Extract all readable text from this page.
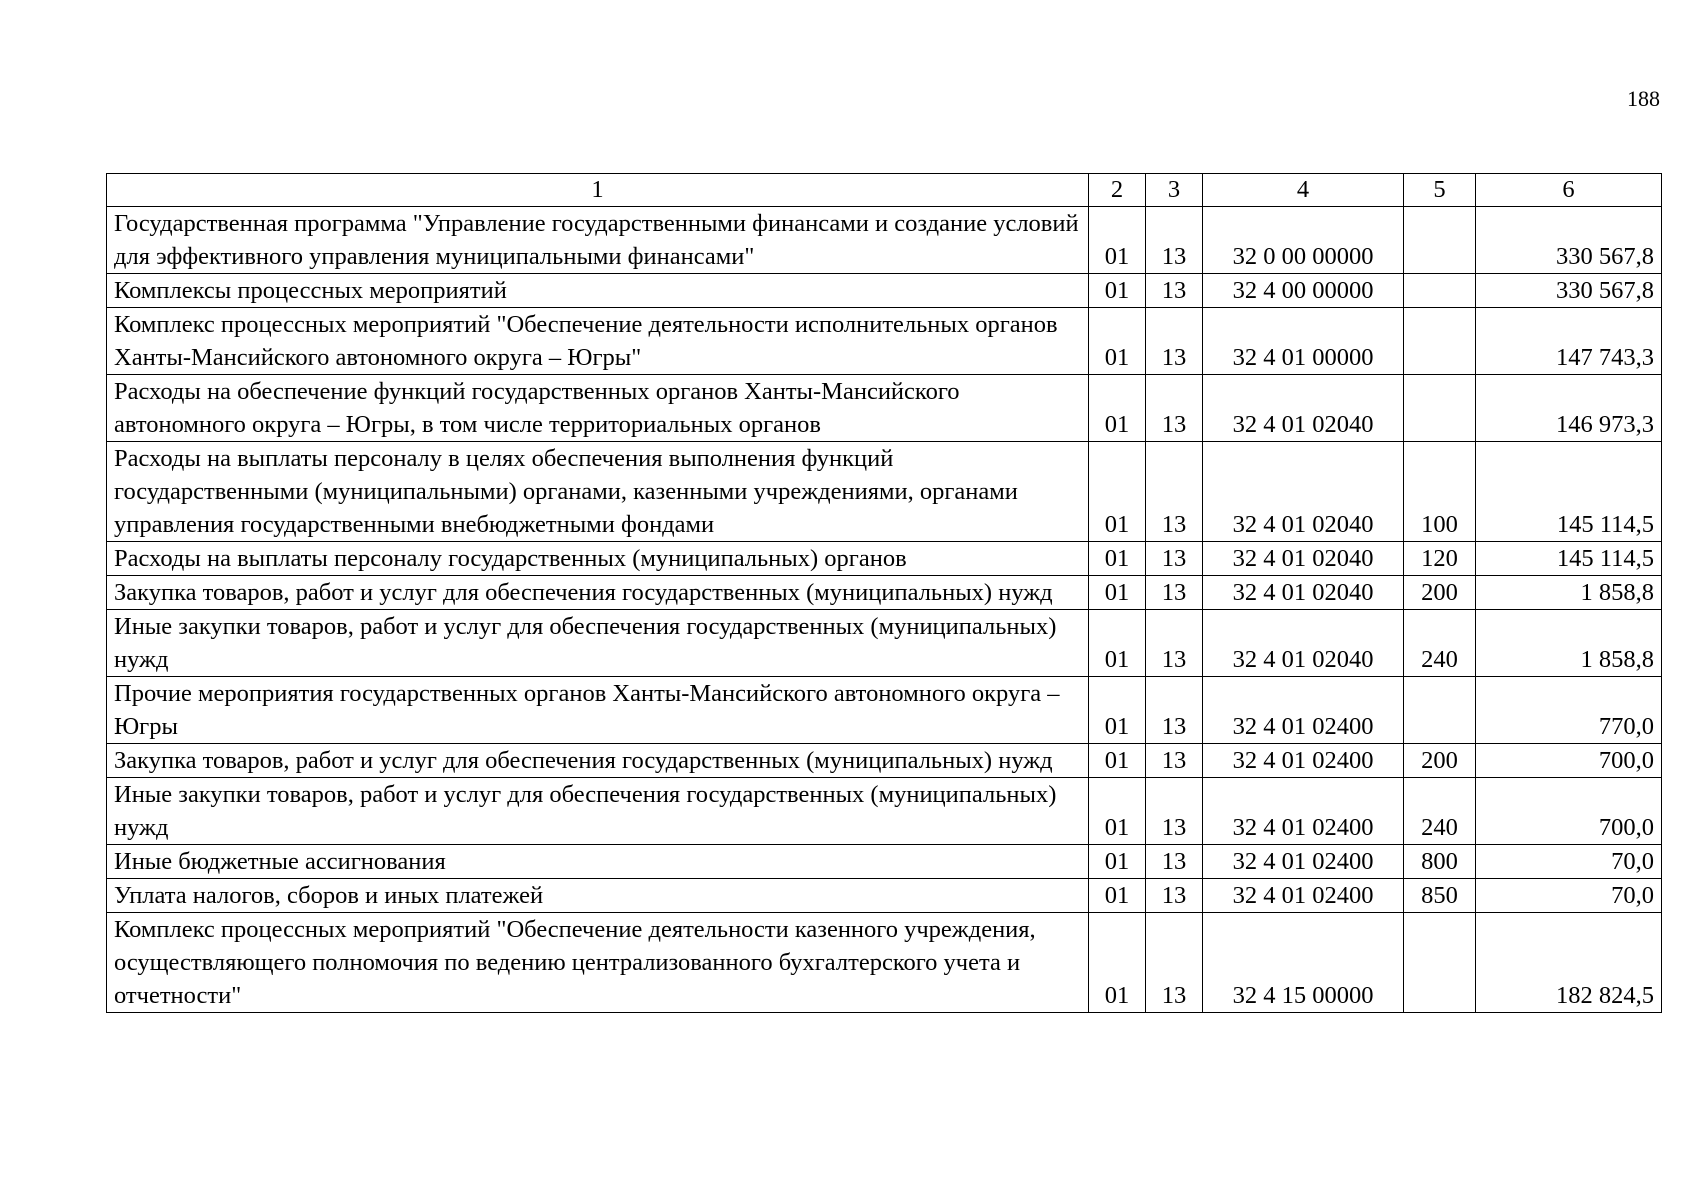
188
1	2	3	4	5	6
Государственная программа "Управление государственными финансами и создание условий для эффективного управления муниципальными финансами"	01	13	32 0 00 00000		330 567,8
Комплексы процессных мероприятий	01	13	32 4 00 00000		330 567,8
Комплекс процессных мероприятий "Обеспечение деятельности исполнительных органов Ханты-Мансийского автономного округа – Югры"	01	13	32 4 01 00000		147 743,3
Расходы на обеспечение функций государственных органов Ханты-Мансийского автономного округа – Югры, в том числе территориальных органов	01	13	32 4 01 02040		146 973,3
Расходы на выплаты персоналу в целях обеспечения выполнения функций государственными (муниципальными) органами, казенными учреждениями, органами управления государственными внебюджетными фондами	01	13	32 4 01 02040	100	145 114,5
Расходы на выплаты персоналу государственных (муниципальных) органов	01	13	32 4 01 02040	120	145 114,5
Закупка товаров, работ и услуг для обеспечения государственных (муниципальных) нужд	01	13	32 4 01 02040	200	1 858,8
Иные закупки товаров, работ и услуг для обеспечения государственных (муниципальных) нужд	01	13	32 4 01 02040	240	1 858,8
Прочие мероприятия государственных органов Ханты-Мансийского автономного округа – Югры	01	13	32 4 01 02400		770,0
Закупка товаров, работ и услуг для обеспечения государственных (муниципальных) нужд	01	13	32 4 01 02400	200	700,0
Иные закупки товаров, работ и услуг для обеспечения государственных (муниципальных) нужд	01	13	32 4 01 02400	240	700,0
Иные бюджетные ассигнования	01	13	32 4 01 02400	800	70,0
Уплата налогов, сборов и иных платежей	01	13	32 4 01 02400	850	70,0
Комплекс процессных мероприятий "Обеспечение деятельности казенного учреждения, осуществляющего полномочия по ведению централизованного бухгалтерского учета и отчетности"	01	13	32 4 15 00000		182 824,5
